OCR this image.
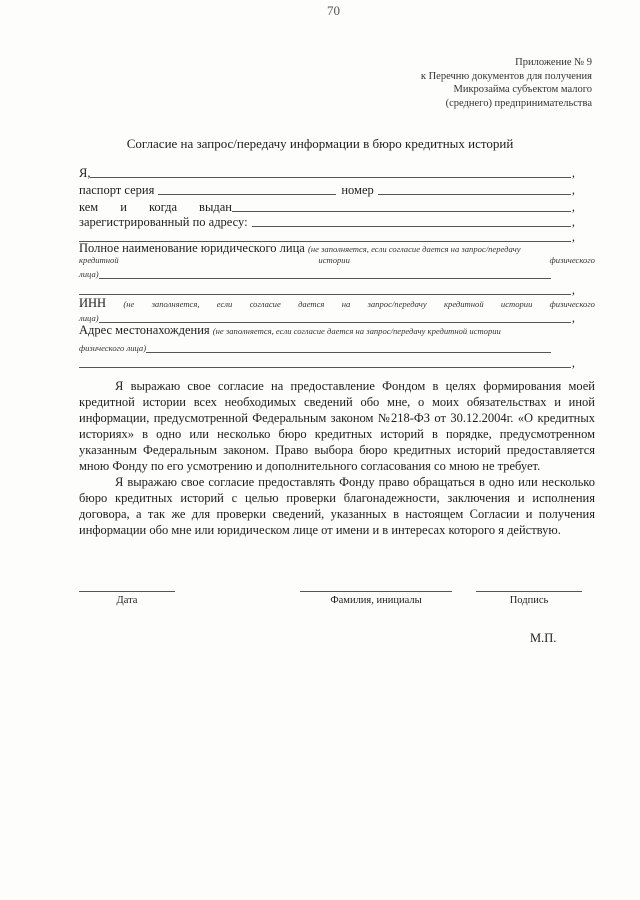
70
Приложение № 9
к Перечню документов для получения
Микрозайма субъектом малого
(среднего) предпринимательства
Согласие на запрос/передачу информации в бюро кредитных историй
Я,	,
паспорт серия	номер	,
кем и когда выдан	,
зарегистрированный по адресу:	,
,
Полное наименование юридического лица (не заполняется, если согласие дается на запрос/передачу
кредитной	истории	физического
лица)
,
ИНН (не заполняется, если согласие дается на запрос/передачу кредитной истории физического
лица)	,
Адрес местонахождения (не заполняется, если согласие дается на запрос/передачу кредитной истории
физического лица)
,
Я выражаю свое согласие на предоставление Фондом в целях формирования моей кредитной истории всех необходимых сведений обо мне, о моих обязательствах и иной информации, предусмотренной Федеральным законом №218-ФЗ от 30.12.2004г. «О кредитных историях» в одно или несколько бюро кредитных историй в порядке, предусмотренном указанным Федеральным законом. Право выбора бюро кредитных историй предоставляется мною Фонду по его усмотрению и дополнительного согласования со мною не требует.
Я выражаю свое согласие предоставлять Фонду право обращаться в одно или несколько бюро кредитных историй с целью проверки благонадежности, заключения и исполнения договора, а так же для проверки сведений, указанных в настоящем Согласии и получения информации обо мне или юридическом лице от имени и в интересах которого я действую.
Дата	Фамилия, инициалы	Подпись
М.П.
